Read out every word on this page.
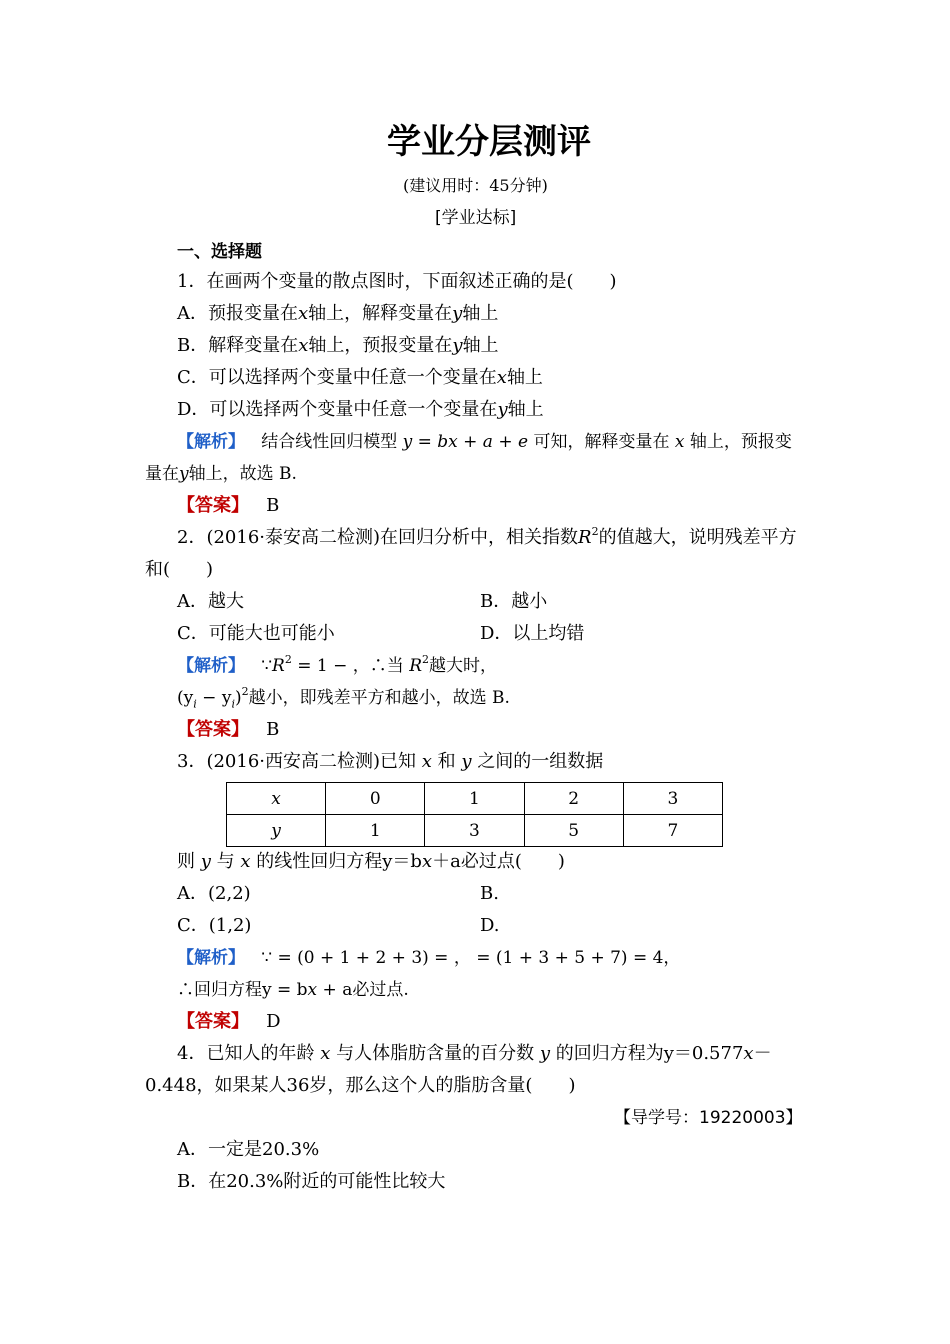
学业分层测评
(建议用时：45分钟)
[学业达标]
一、选择题
1．在画两个变量的散点图时，下面叙述正确的是(　　)
A．预报变量在x轴上，解释变量在y轴上
B．解释变量在x轴上，预报变量在y轴上
C．可以选择两个变量中任意一个变量在x轴上
D．可以选择两个变量中任意一个变量在y轴上
【解析】 结合线性回归模型 y = bx + a + e 可知，解释变量在 x 轴上，预报变
量在y轴上，故选 B.
【答案】 B
2．(2016·泰安高二检测)在回归分析中，相关指数$R^2$的值越大，说明残差平方
和(　　)
A．越大	B．越小
C．可能大也可能小	D．以上均错
【解析】 $\because R^2 = 1$ − ，∴当 $R^2$越大时，
$(y_i - y_i)^2$越小，即残差平方和越小，故选 B.
【答案】 B
3．(2016·西安高二检测)已知 x 和 y 之间的一组数据
x	0	1	2	3
y	1	3	5	7
则 y 与 x 的线性回归方程y＝bx＋a必过点(　　)
A．(2,2)	B.
C．(1,2)	D.
【解析】 ∵ = (0 + 1 + 2 + 3) = ， = (1 + 3 + 5 + 7) = 4，
∴回归方程y = bx + a必过点.
【答案】 D
4．已知人的年龄 x 与人体脂肪含量的百分数 y 的回归方程为y＝0.577x－
0.448，如果某人36岁，那么这个人的脂肪含量(　　)
【导学号：19220003】
A．一定是20.3%
B．在20.3%附近的可能性比较大
